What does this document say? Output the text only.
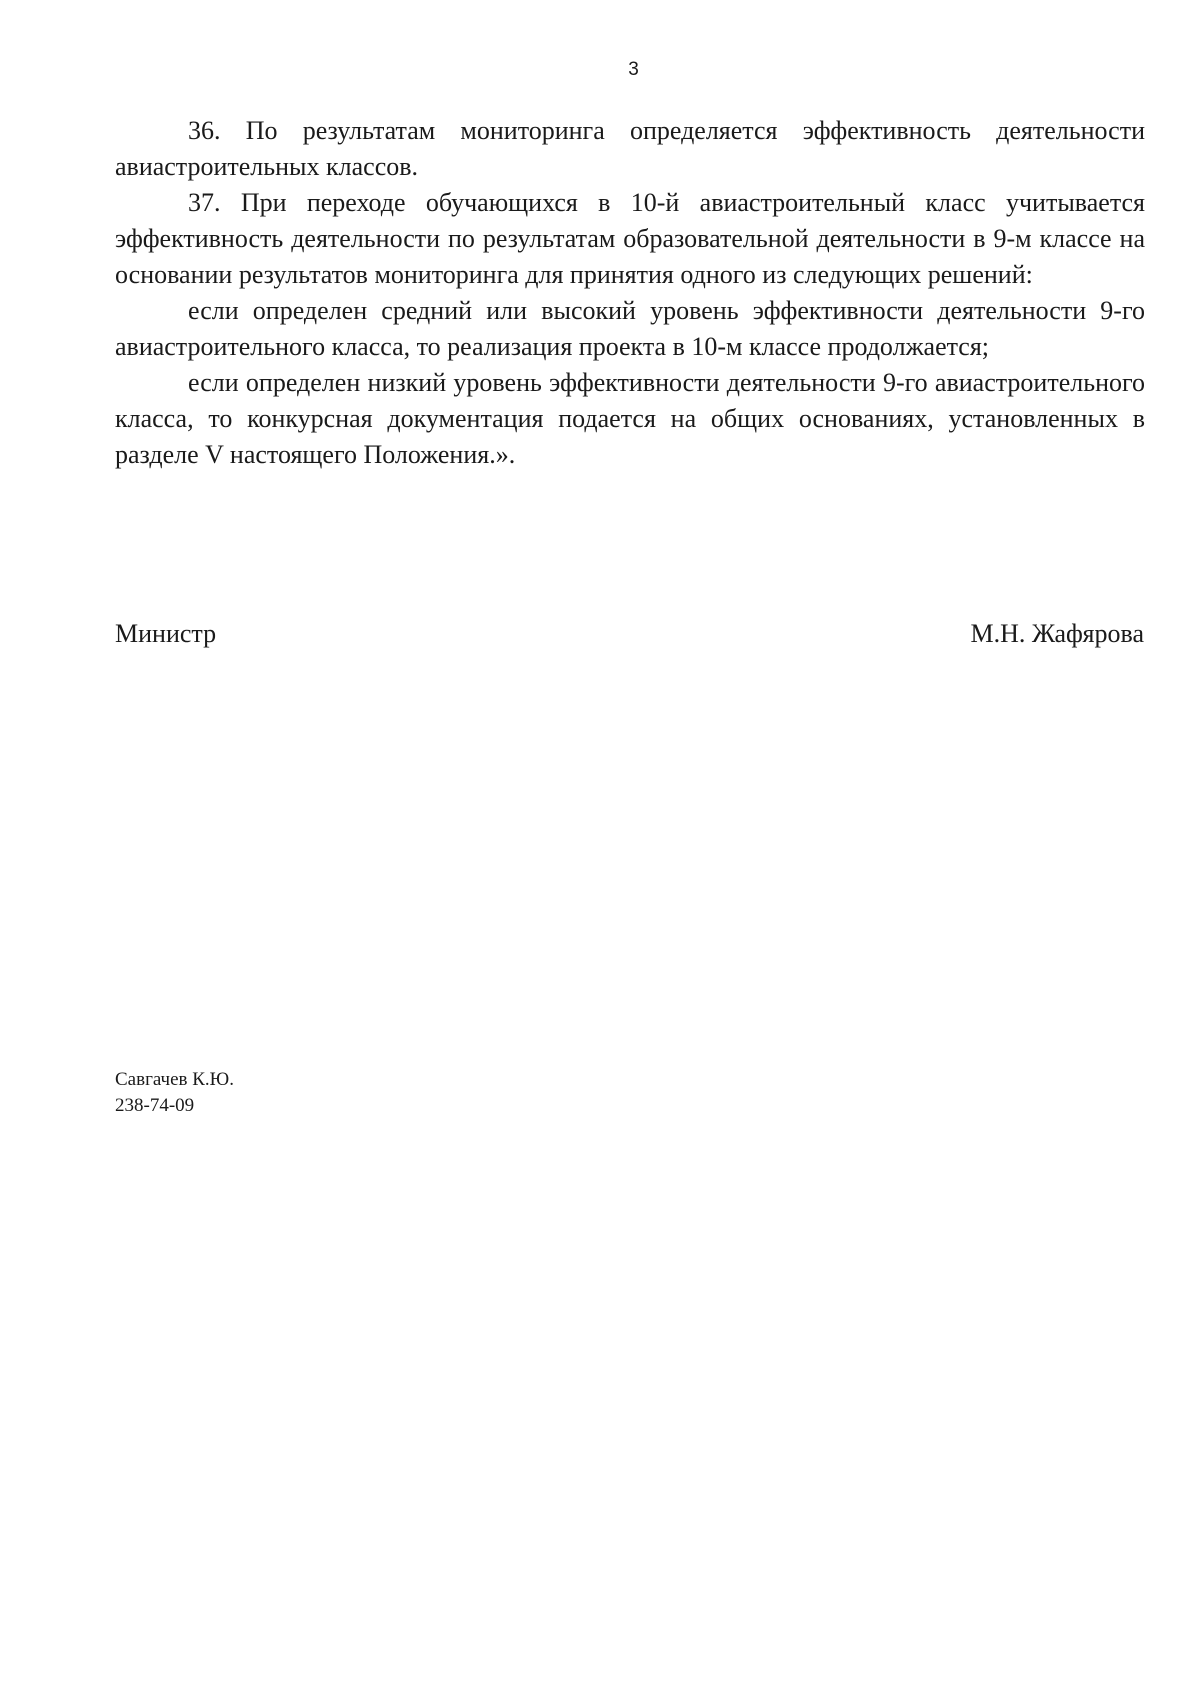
3

36. По результатам мониторинга определяется эффективность деятельности авиастроительных классов.

37. При переходе обучающихся в 10-й авиастроительный класс учитывается эффективность деятельности по результатам образовательной деятельности в 9-м классе на основании результатов мониторинга для принятия одного из следующих решений:

если определен средний или высокий уровень эффективности деятельности 9-го авиастроительного класса, то реализация проекта в 10-м классе продолжается;

если определен низкий уровень эффективности деятельности 9-го авиастроительного класса, то конкурсная документация подается на общих основаниях, установленных в разделе V настоящего Положения.».

Министр	М.Н. Жафярова
Савгачев К.Ю.
238-74-09
